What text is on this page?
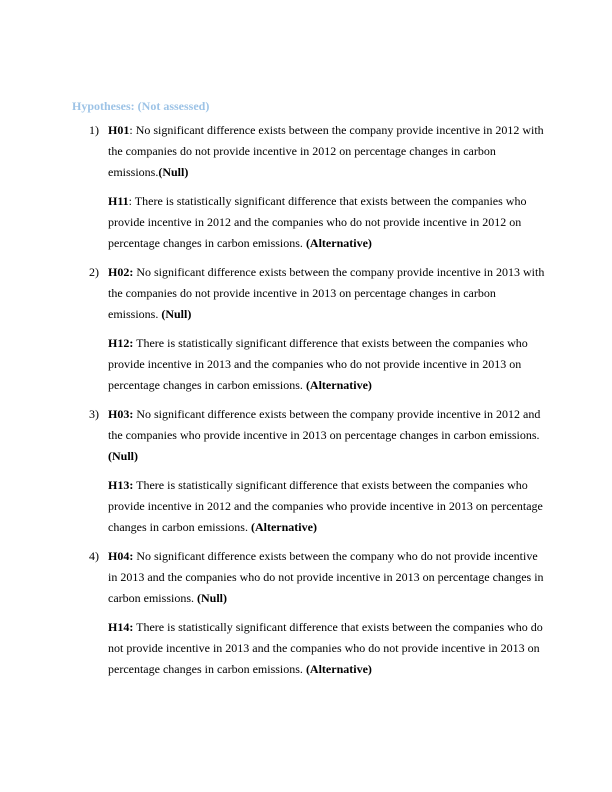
Hypotheses: (Not assessed)
1) H01: No significant difference exists between the company provide incentive in 2012 with the companies do not provide incentive in 2012 on percentage changes in carbon emissions.(Null)

H11: There is statistically significant difference that exists between the companies who provide incentive in 2012 and the companies who do not provide incentive in 2012 on percentage changes in carbon emissions. (Alternative)

2) H02: No significant difference exists between the company provide incentive in 2013 with the companies do not provide incentive in 2013 on percentage changes in carbon emissions. (Null)

H12: There is statistically significant difference that exists between the companies who provide incentive in 2013 and the companies who do not provide incentive in 2013 on percentage changes in carbon emissions. (Alternative)

3) H03: No significant difference exists between the company provide incentive in 2012 and the companies who provide incentive in 2013 on percentage changes in carbon emissions. (Null)

H13: There is statistically significant difference that exists between the companies who provide incentive in 2012 and the companies who provide incentive in 2013 on percentage changes in carbon emissions. (Alternative)

4) H04: No significant difference exists between the company who do not provide incentive in 2013 and the companies who do not provide incentive in 2013 on percentage changes in carbon emissions. (Null)

H14: There is statistically significant difference that exists between the companies who do not provide incentive in 2013 and the companies who do not provide incentive in 2013 on percentage changes in carbon emissions. (Alternative)
